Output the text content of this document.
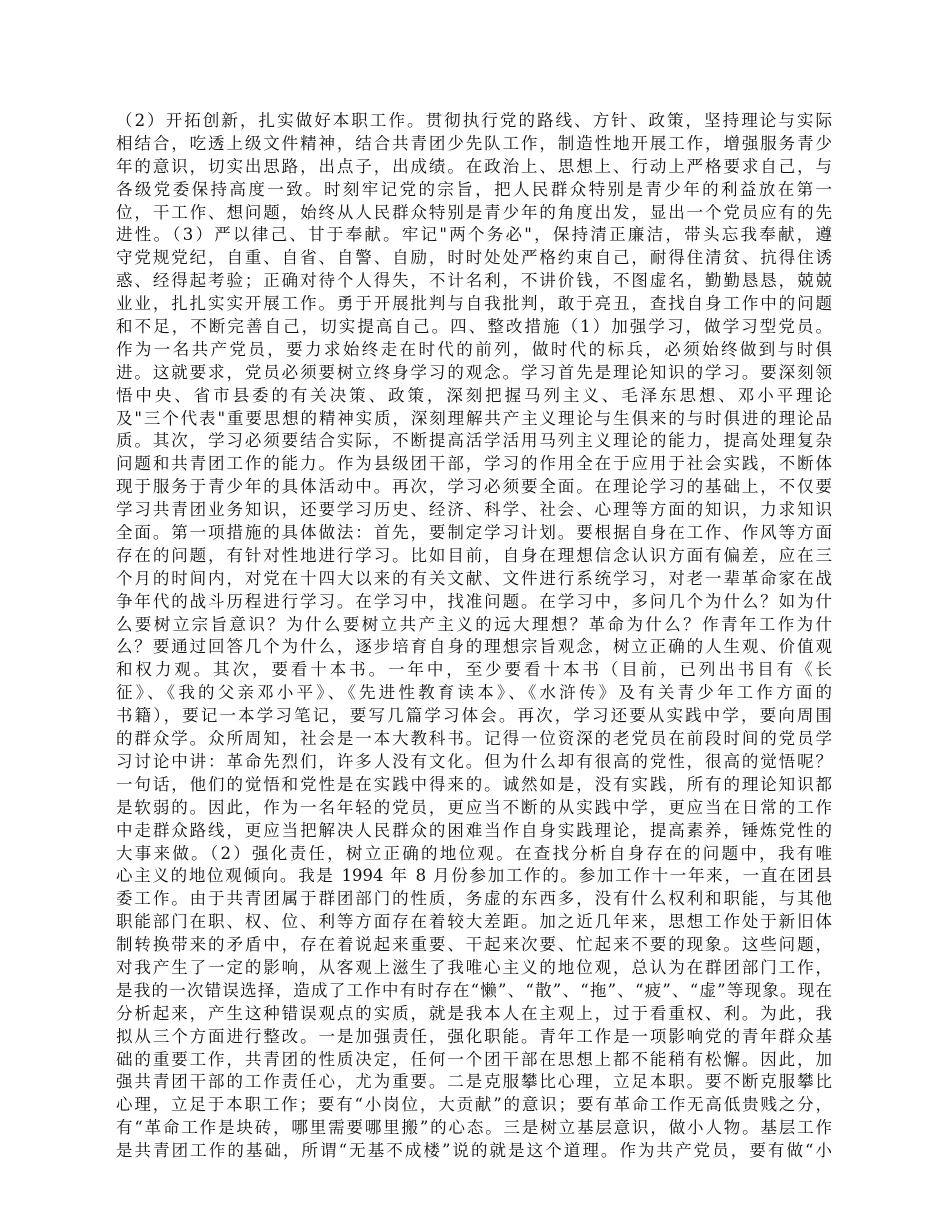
（2）开拓创新，扎实做好本职工作。贯彻执行党的路线、方针、政策，坚持理论与实际
相结合，吃透上级文件精神，结合共青团少先队工作，制造性地开展工作，增强服务青少
年的意识，切实出思路，出点子，出成绩。在政治上、思想上、行动上严格要求自己，与
各级党委保持高度一致。时刻牢记党的宗旨，把人民群众特别是青少年的利益放在第一
位，干工作、想问题，始终从人民群众特别是青少年的角度出发，显出一个党员应有的先
进性。（3）严以律己、甘于奉献。牢记"两个务必"，保持清正廉洁，带头忘我奉献，遵
守党规党纪，自重、自省、自警、自励，时时处处严格约束自己，耐得住清贫、抗得住诱
惑、经得起考验；正确对待个人得失，不计名利，不讲价钱，不图虚名，勤勤恳恳，兢兢
业业，扎扎实实开展工作。勇于开展批判与自我批判，敢于亮丑，查找自身工作中的问题
和不足，不断完善自己，切实提高自己。四、整改措施（1）加强学习，做学习型党员。
作为一名共产党员，要力求始终走在时代的前列，做时代的标兵，必须始终做到与时俱
进。这就要求，党员必须要树立终身学习的观念。学习首先是理论知识的学习。要深刻领
悟中央、省市县委的有关决策、政策，深刻把握马列主义、毛泽东思想、邓小平理论
及"三个代表"重要思想的精神实质，深刻理解共产主义理论与生俱来的与时俱进的理论品
质。其次，学习必须要结合实际，不断提高活学活用马列主义理论的能力，提高处理复杂
问题和共青团工作的能力。作为县级团干部，学习的作用全在于应用于社会实践，不断体
现于服务于青少年的具体活动中。再次，学习必须要全面。在理论学习的基础上，不仅要
学习共青团业务知识，还要学习历史、经济、科学、社会、心理等方面的知识，力求知识
全面。第一项措施的具体做法：首先，要制定学习计划。要根据自身在工作、作风等方面
存在的问题，有针对性地进行学习。比如目前，自身在理想信念认识方面有偏差，应在三
个月的时间内，对党在十四大以来的有关文献、文件进行系统学习，对老一辈革命家在战
争年代的战斗历程进行学习。在学习中，找准问题。在学习中，多问几个为什么？如为什
么要树立宗旨意识？为什么要树立共产主义的远大理想？革命为什么？作青年工作为什
么？要通过回答几个为什么，逐步培育自身的理想宗旨观念，树立正确的人生观、价值观
和权力观。其次，要看十本书。一年中，至少要看十本书（目前，已列出书目有《长
征》、《我的父亲邓小平》、《先进性教育读本》、《水浒传》及有关青少年工作方面的
书籍），要记一本学习笔记，要写几篇学习体会。再次，学习还要从实践中学，要向周围
的群众学。众所周知，社会是一本大教科书。记得一位资深的老党员在前段时间的党员学
习讨论中讲：革命先烈们，许多人没有文化。但为什么却有很高的党性，很高的觉悟呢？
一句话，他们的觉悟和党性是在实践中得来的。诚然如是，没有实践，所有的理论知识都
是软弱的。因此，作为一名年轻的党员，更应当不断的从实践中学，更应当在日常的工作
中走群众路线，更应当把解决人民群众的困难当作自身实践理论，提高素养，锤炼党性的
大事来做。（2）强化责任，树立正确的地位观。在查找分析自身存在的问题中，我有唯
心主义的地位观倾向。我是 1994 年 8 月份参加工作的。参加工作十一年来，一直在团县
委工作。由于共青团属于群团部门的性质，务虚的东西多，没有什么权利和职能，与其他
职能部门在职、权、位、利等方面存在着较大差距。加之近几年来，思想工作处于新旧体
制转换带来的矛盾中，存在着说起来重要、干起来次要、忙起来不要的现象。这些问题，
对我产生了一定的影响，从客观上滋生了我唯心主义的地位观，总认为在群团部门工作，
是我的一次错误选择，造成了工作中有时存在“懒”、“散”、“拖”、“疲”、“虚”等现象。现在
分析起来，产生这种错误观点的实质，就是我本人在主观上，过于看重权、利。为此，我
拟从三个方面进行整改。一是加强责任，强化职能。青年工作是一项影响党的青年群众基
础的重要工作，共青团的性质决定，任何一个团干部在思想上都不能稍有松懈。因此，加
强共青团干部的工作责任心，尤为重要。二是克服攀比心理，立足本职。要不断克服攀比
心理，立足于本职工作；要有“小岗位，大贡献”的意识；要有革命工作无高低贵贱之分，
有“革命工作是块砖，哪里需要哪里搬”的心态。三是树立基层意识，做小人物。基层工作
是共青团工作的基础，所谓“无基不成楼”说的就是这个道理。作为共产党员，要有做“小
